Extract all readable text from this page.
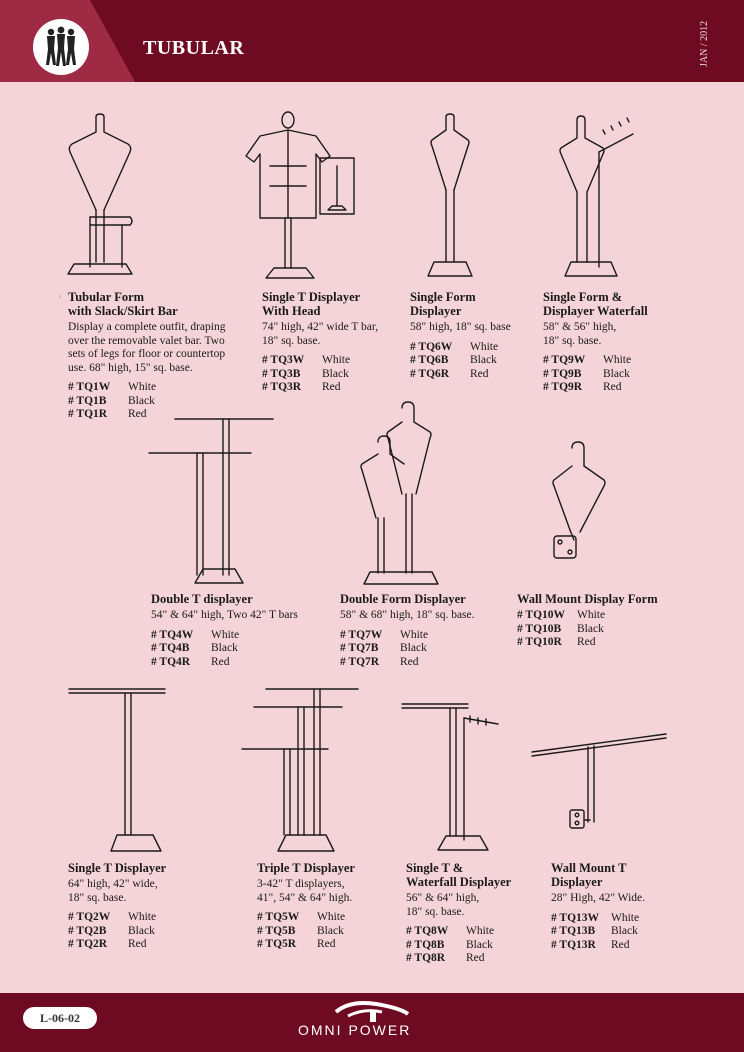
TUBULAR	JAN / 2012
› Tubular Form
with Slack/Skirt Bar
Display a complete outfit, draping
over the removable valet bar. Two
sets of legs for floor or countertop
use. 68" high, 15" sq. base.
# TQ1W	White
# TQ1B	Black
# TQ1R	Red
Single T Displayer
With Head
74" high, 42" wide T bar,
18" sq. base.
# TQ3W	White
# TQ3B	Black
# TQ3R	Red
Single Form
Displayer
58" high, 18" sq. base
# TQ6W	White
# TQ6B	Black
# TQ6R	Red
Single Form &
Displayer Waterfall
58" & 56" high,
18" sq. base.
# TQ9W	White
# TQ9B	Black
# TQ9R	Red
Double T displayer
54" & 64" high, Two 42" T bars
# TQ4W	White
# TQ4B	Black
# TQ4R	Red
Double Form Displayer
58" & 68" high, 18" sq. base.
# TQ7W	White
# TQ7B	Black
# TQ7R	Red
Wall Mount Display Form
# TQ10W	White
# TQ10B	Black
# TQ10R	Red
Single T Displayer
64" high, 42" wide,
18" sq. base.
# TQ2W	White
# TQ2B	Black
# TQ2R	Red
Triple T Displayer
3-42" T displayers,
41", 54" & 64" high.
# TQ5W	White
# TQ5B	Black
# TQ5R	Red
Single T &
Waterfall Displayer
56" & 64" high,
18" sq. base.
# TQ8W	White
# TQ8B	Black
# TQ8R	Red
Wall Mount T
Displayer
28" High, 42" Wide.
# TQ13W	White
# TQ13B	Black
# TQ13R	Red
L-06-02
OMNI POWER
